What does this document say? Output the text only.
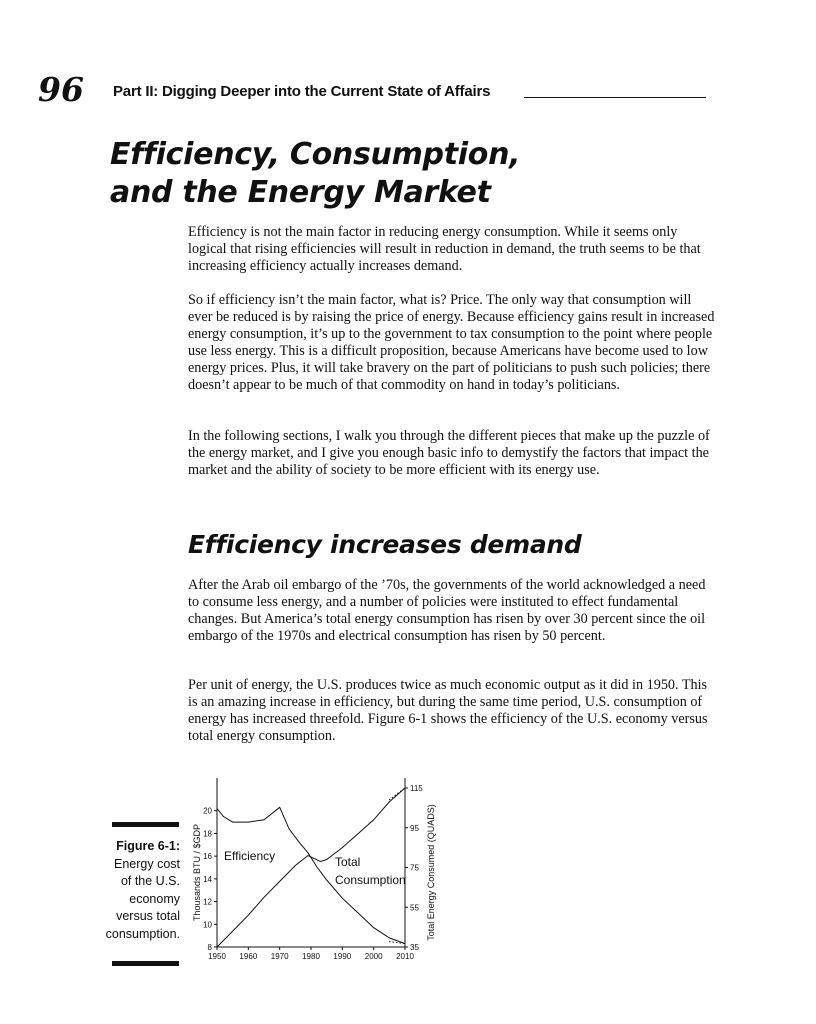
96 Part II: Digging Deeper into the Current State of Affairs
Efficiency, Consumption,
and the Energy Market

Efficiency is not the main factor in reducing energy consumption. While it seems only logical that rising efficiencies will result in reduction in demand, the truth seems to be that increasing efficiency actually increases demand.

So if efficiency isn’t the main factor, what is? Price. The only way that consumption will ever be reduced is by raising the price of energy. Because efficiency gains result in increased energy consumption, it’s up to the government to tax consumption to the point where people use less energy. This is a difficult proposition, because Americans have become used to low energy prices. Plus, it will take bravery on the part of politicians to push such policies; there doesn’t appear to be much of that commodity on hand in today’s politicians.

In the following sections, I walk you through the different pieces that make up the puzzle of the energy market, and I give you enough basic info to demystify the factors that impact the market and the ability of society to be more efficient with its energy use.

Efficiency increases demand

After the Arab oil embargo of the ’70s, the governments of the world acknowledged a need to consume less energy, and a number of policies were instituted to effect fundamental changes. But America’s total energy consumption has risen by over 30 percent since the oil embargo of the 1970s and electrical consumption has risen by 50 percent.

Per unit of energy, the U.S. produces twice as much economic output as it did in 1950. This is an amazing increase in efficiency, but during the same time period, U.S. consumption of energy has increased threefold. Figure 6-1 shows the efficiency of the U.S. economy versus total energy consumption.

Figure 6-1:
Energy cost of the U.S. economy versus total consumption.
1950 1960 1970 1980 1990 2000 2010
8
10
12
14
16
18
20
35
55
75
95
115
Thousands BTU / $GDP	Total Energy Consumed (QUADS)
Efficiency	Total
Consumption
